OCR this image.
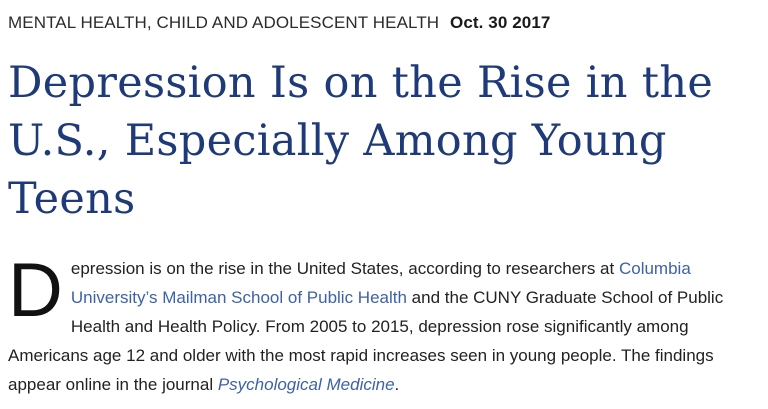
MENTAL HEALTH, CHILD AND ADOLESCENT HEALTH Oct. 30 2017
Depression Is on the Rise in the U.S., Especially Among Young Teens

Depression is on the rise in the United States, according to researchers at Columbia University’s Mailman School of Public Health and the CUNY Graduate School of Public Health and Health Policy. From 2005 to 2015, depression rose significantly among Americans age 12 and older with the most rapid increases seen in young people. The findings appear online in the journal Psychological Medicine.
